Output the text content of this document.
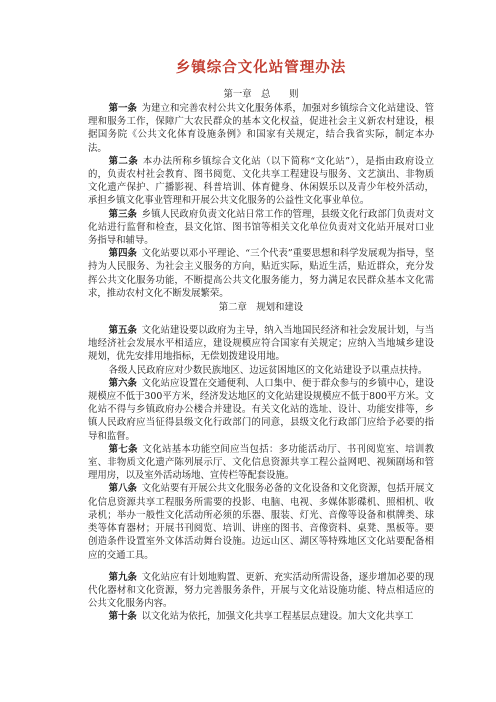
乡镇综合文化站管理办法
第一章　总　　则

第一条 为建立和完善农村公共文化服务体系，加强对乡镇综合文化站建设、管理和服务工作，保障广大农民群众的基本文化权益，促进社会主义新农村建设，根据国务院《公共文化体育设施条例》和国家有关规定，结合我省实际，制定本办法。

第二条 本办法所称乡镇综合文化站（以下简称“文化站”），是指由政府设立的，负责农村社会教育、图书阅览、文化共享工程建设与服务、文艺演出、非物质文化遗产保护、广播影视、科普培训、体育健身、休闲娱乐以及青少年校外活动，承担乡镇文化事业管理和开展公共文化服务的公益性文化事业单位。

第三条 乡镇人民政府负责文化站日常工作的管理，县级文化行政部门负责对文化站进行监督和检查，县文化馆、图书馆等相关文化单位负责对文化站开展对口业务指导和辅导。

第四条 文化站要以邓小平理论、“三个代表”重要思想和科学发展观为指导，坚持为人民服务、为社会主义服务的方向，贴近实际，贴近生活，贴近群众，充分发挥公共文化服务功能，不断提高公共文化服务能力，努力满足农民群众基本文化需求，推动农村文化不断发展繁荣。

第二章　规划和建设

第五条 文化站建设要以政府为主导，纳入当地国民经济和社会发展计划，与当地经济社会发展水平相适应，建设规模应符合国家有关规定；应纳入当地城乡建设规划，优先安排用地指标，无偿划拨建设用地。

各级人民政府应对少数民族地区、边远贫困地区的文化站建设予以重点扶持。

第六条 文化站应设置在交通便利、人口集中、便于群众参与的乡镇中心，建设规模应不低于300平方米，经济发达地区的文化站建设规模应不低于800平方米。文化站不得与乡镇政府办公楼合并建设。有关文化站的选址、设计、功能安排等，乡镇人民政府应当征得县级文化行政部门的同意，县级文化行政部门应给予必要的指导和监督。

第七条 文化站基本功能空间应当包括：多功能活动厅、书刊阅览室、培训教室、非物质文化遗产陈列展示厅、文化信息资源共享工程公益网吧、视频剧场和管理用房，以及室外活动场地、宣传栏等配套设施。

第八条 文化站要有开展公共文化服务必备的文化设备和文化资源，包括开展文化信息资源共享工程服务所需要的投影、电脑、电视、多媒体影碟机、照相机、收录机；举办一般性文化活动所必须的乐器、服装、灯光、音像等设备和棋牌类、球类等体育器材；开展书刊阅览、培训、讲座的图书、音像资料、桌凳、黑板等。要创造条件设置室外文体活动舞台设施。边远山区、湖区等特殊地区文化站要配备相应的交通工具。

第九条 文化站应有计划地购置、更新、充实活动所需设备，逐步增加必要的现代化器材和文化资源，努力完善服务条件，开展与文化站设施功能、特点相适应的公共文化服务内容。

第十条 以文化站为依托，加强文化共享工程基层点建设。加大文化共享工
